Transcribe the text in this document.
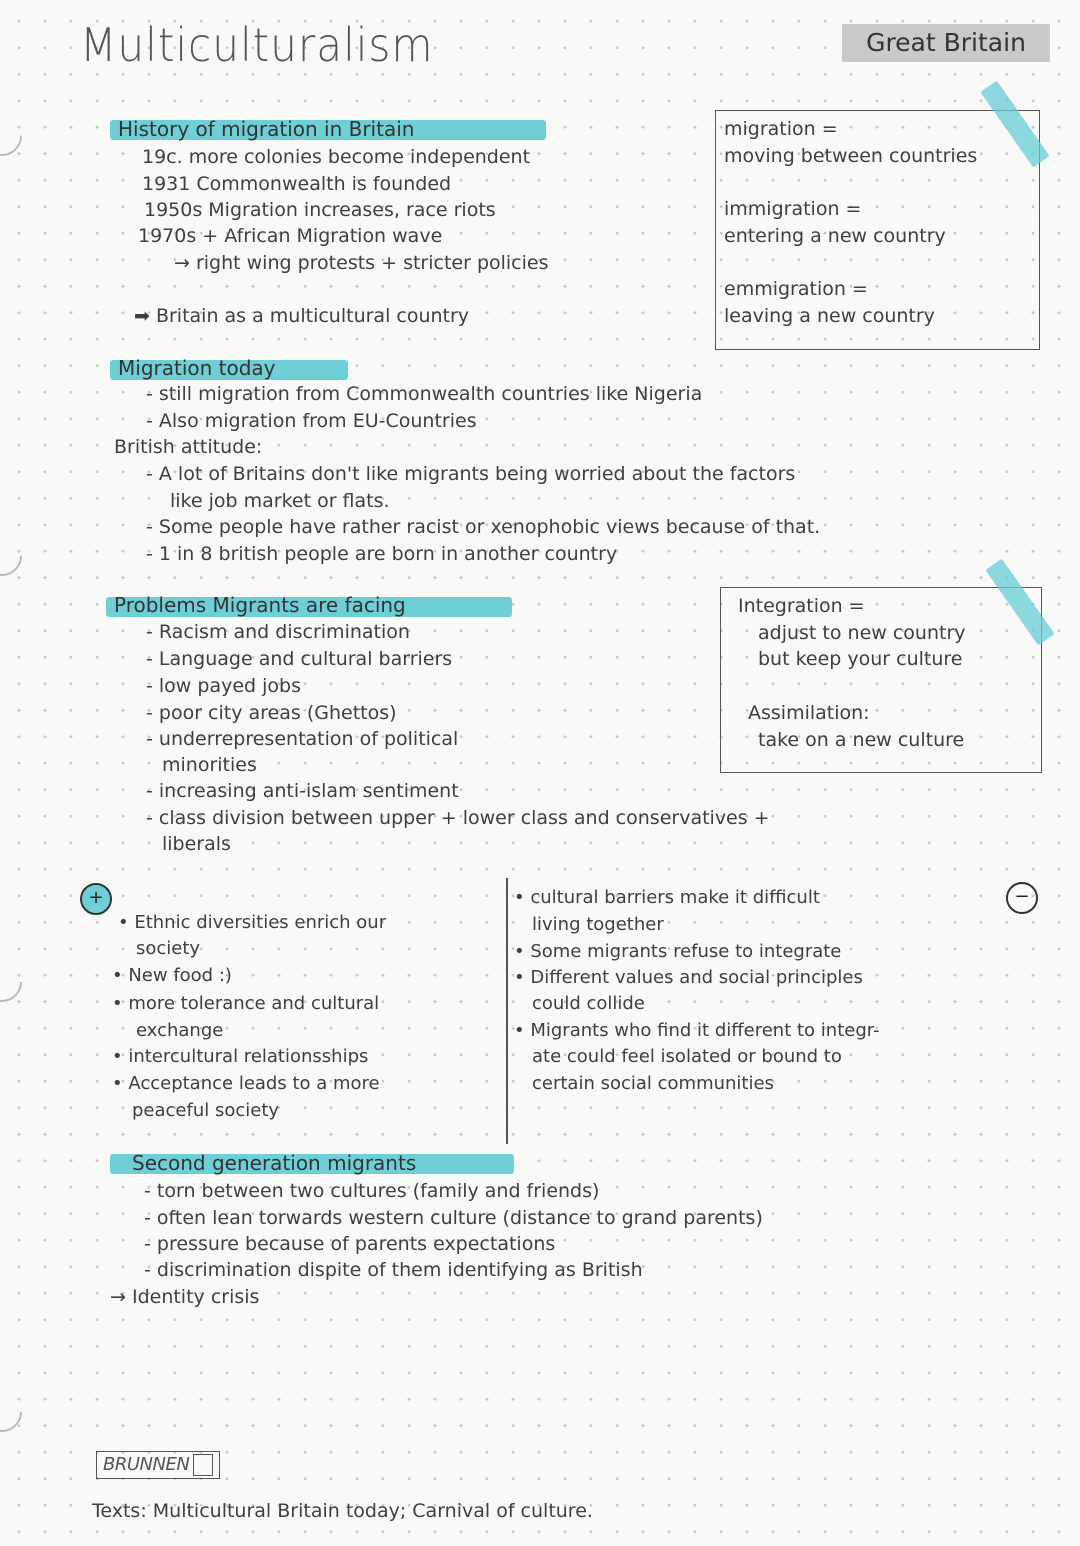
Multiculturalism	Great Britain
History of migration in Britain
19c. more colonies become independent
1931 Commonwealth is founded
1950s Migration increases, race riots
1970s + African Migration wave
→ right wing protests + stricter policies
➡ Britain as a multicultural country
migration =
moving between countries
immigration =
entering a new country
emmigration =
leaving a new country
Migration today
- still migration from Commonwealth countries like Nigeria
- Also migration from EU-Countries
British attitude:
- A lot of Britains don't like migrants being worried about the factors
like job market or flats.
- Some people have rather racist or xenophobic views because of that.
- 1 in 8 british people are born in another country
Problems Migrants are facing
- Racism and discrimination
- Language and cultural barriers
- low payed jobs
- poor city areas (Ghettos)
- underrepresentation of political
minorities
- increasing anti-islam sentiment
- class division between upper + lower class and conservatives +
liberals
Integration =
adjust to new country
but keep your culture
Assimilation:
take on a new culture
+	−
• Ethnic diversities enrich our
society
• New food :)
• more tolerance and cultural
exchange
• intercultural relationsships
• Acceptance leads to a more
peaceful society
• cultural barriers make it difficult
living together
• Some migrants refuse to integrate
• Different values and social principles
could collide
• Migrants who find it different to integr-
ate could feel isolated or bound to
certain social communities
Second generation migrants
- torn between two cultures (family and friends)
- often lean torwards western culture (distance to grand parents)
- pressure because of parents expectations
- discrimination dispite of them identifying as British
→ Identity crisis
BRUNNEN
Texts: Multicultural Britain today; Carnival of culture.
